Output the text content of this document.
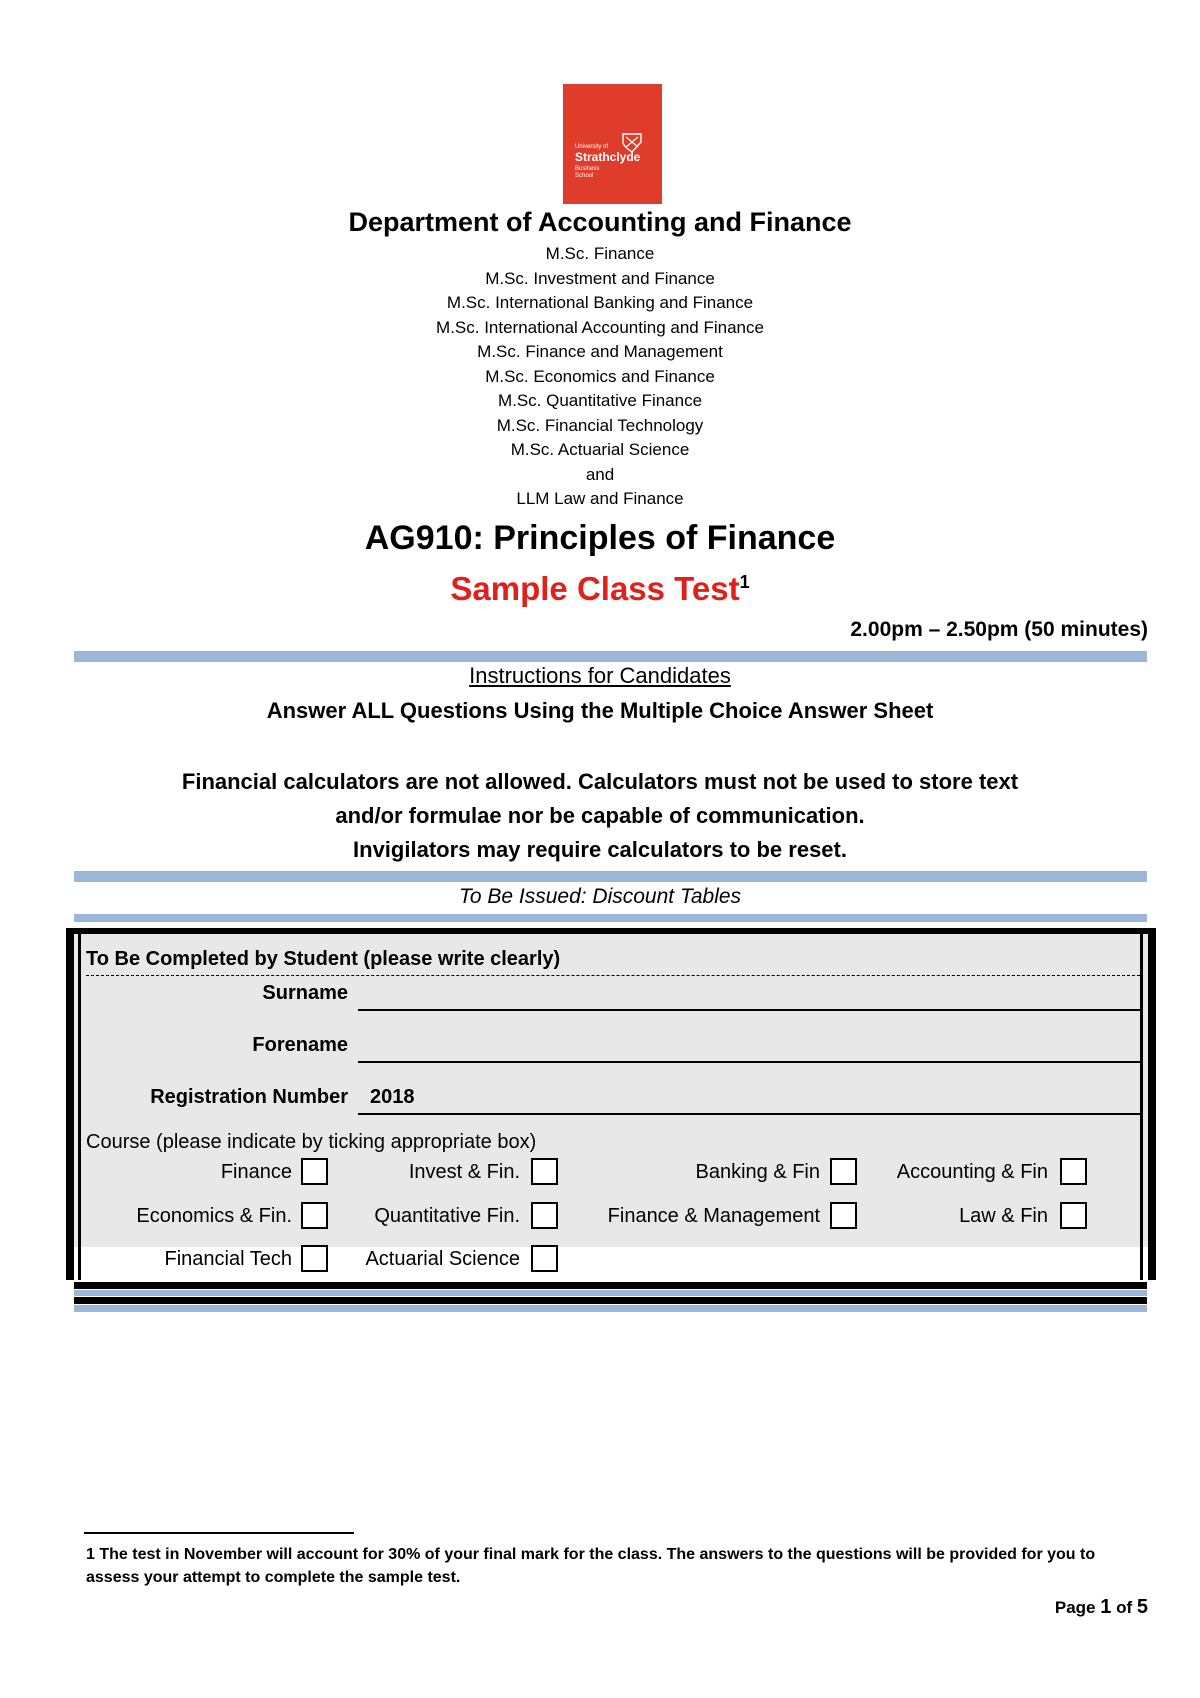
University of
Strathclyde
Business
School
Department of Accounting and Finance
M.Sc. Finance
M.Sc. Investment and Finance
M.Sc. International Banking and Finance
M.Sc. International Accounting and Finance
M.Sc. Finance and Management
M.Sc. Economics and Finance
M.Sc. Quantitative Finance
M.Sc. Financial Technology
M.Sc. Actuarial Science
and
LLM Law and Finance
AG910: Principles of Finance
Sample Class Test$^1$
2.00pm – 2.50pm (50 minutes)
Instructions for Candidates
Answer ALL Questions Using the Multiple Choice Answer Sheet
Financial calculators are not allowed. Calculators must not be used to store text
and/or formulae nor be capable of communication.
Invigilators may require calculators to be reset.
To Be Issued: Discount Tables
To Be Completed by Student (please write clearly)
Surname
Forename
Registration Number 2018
Course (please indicate by ticking appropriate box)
Finance	Invest & Fin.	Banking & Fin	Accounting & Fin
Economics & Fin.	Quantitative Fin.	Finance & Management	Law & Fin
Financial Tech	Actuarial Science
1 The test in November will account for 30% of your final mark for the class. The answers to the questions will be provided for you to assess your attempt to complete the sample test.
Page 1 of 5
